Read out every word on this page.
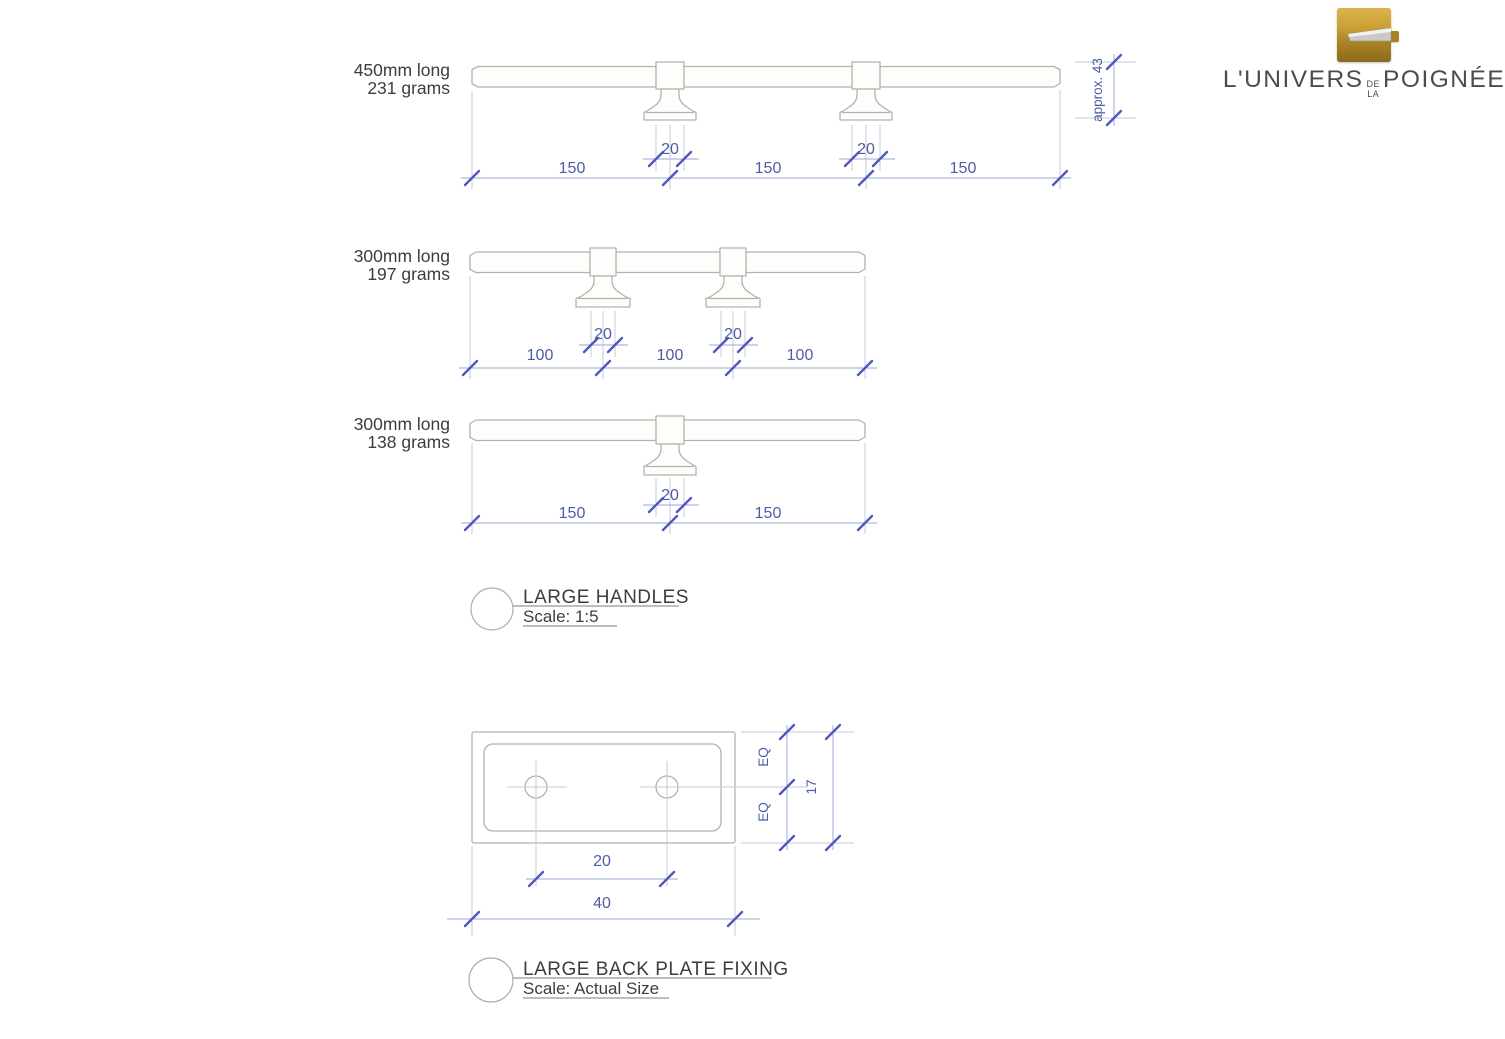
450mm long
231 grams
150
20
150
20
150
approx. 43
300mm long
197 grams
100
20
100
20
100
300mm long
138 grams
150
20
150
LARGE HANDLES
Scale: 1:5
EQ
EQ
17
20
40
LARGE BACK PLATE FIXING
Scale: Actual Size
L'UNIVERS DE
LA
POIGNÉE
